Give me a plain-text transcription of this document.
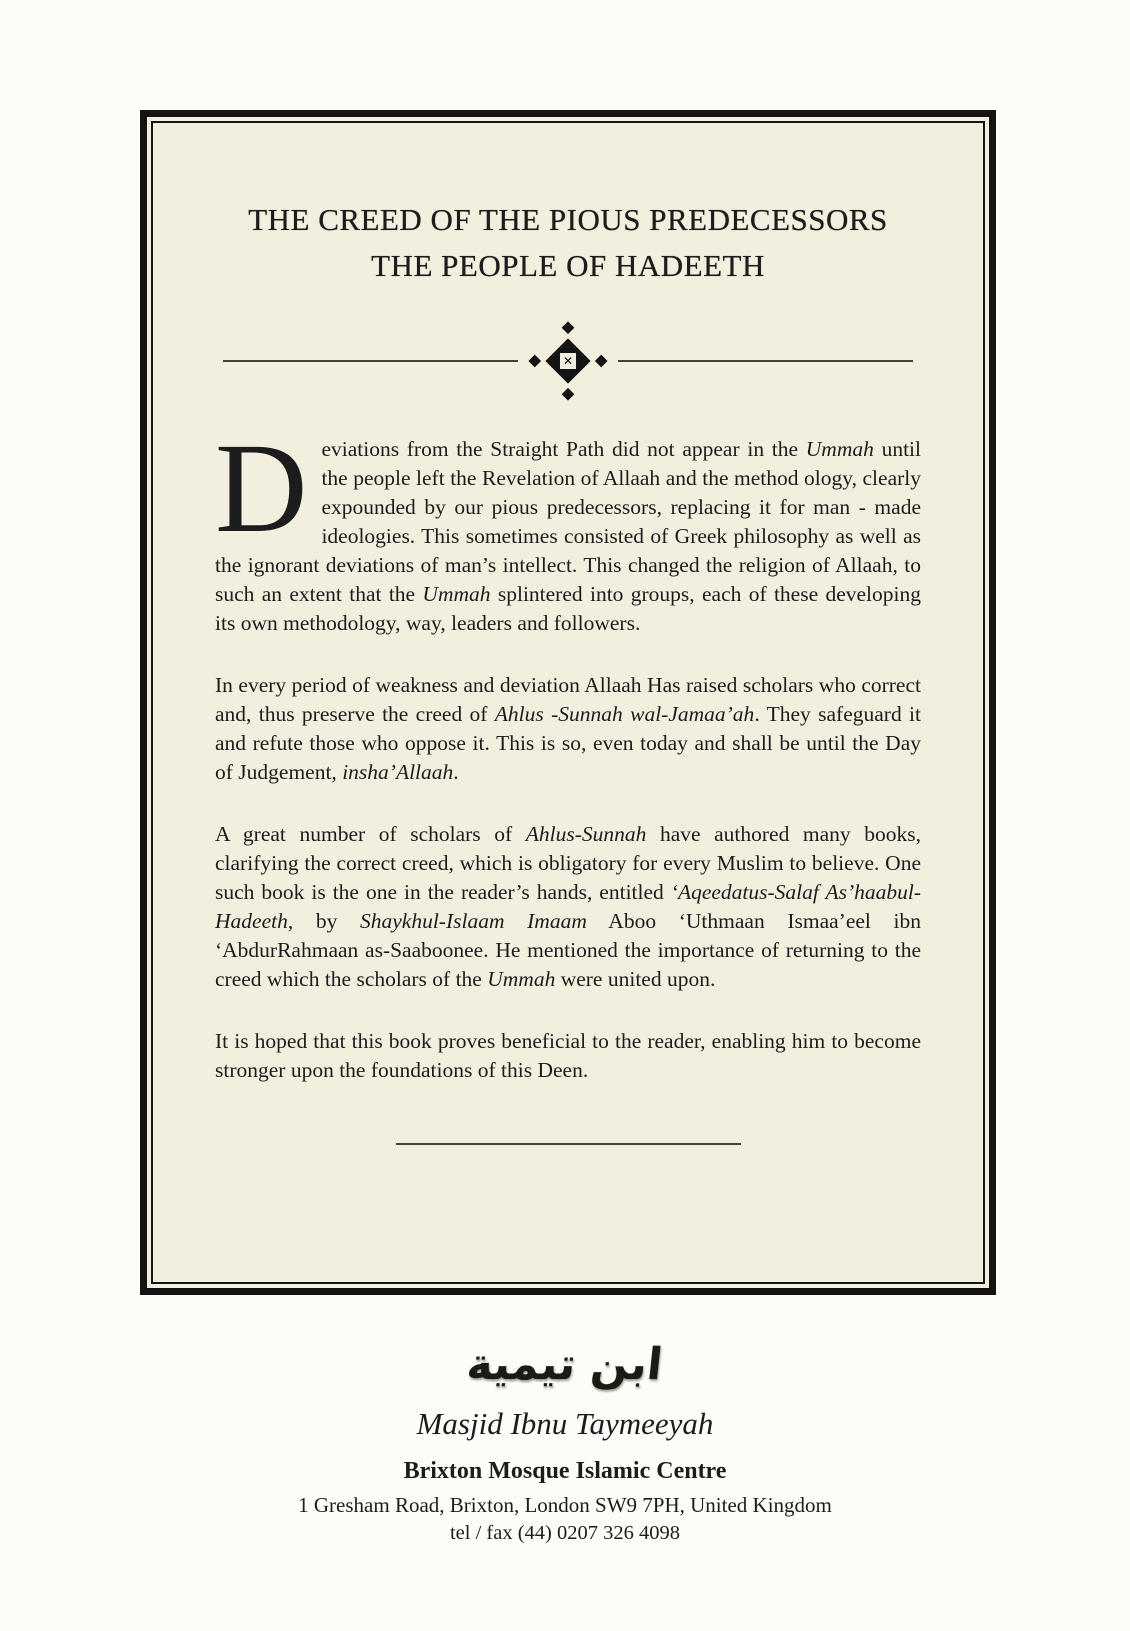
THE CREED OF THE PIOUS PREDECESSORS
THE PEOPLE OF HADEETH
✕

Deviations from the Straight Path did not appear in the Ummah until the people left the Revelation of Allaah and the method ology, clearly expounded by our pious predecessors, replacing it for man - made ideologies. This sometimes consisted of Greek philosophy as well as the ignorant deviations of man’s intellect. This changed the religion of Allaah, to such an extent that the Ummah splintered into groups, each of these developing its own methodology, way, leaders and followers.

In every period of weakness and deviation Allaah Has raised scholars who correct and, thus preserve the creed of Ahlus -Sunnah wal-Jamaa’ah. They safeguard it and refute those who oppose it. This is so, even today and shall be until the Day of Judgement, insha’Allaah.

A great number of scholars of Ahlus-Sunnah have authored many books, clarifying the correct creed, which is obligatory for every Muslim to believe. One such book is the one in the reader’s hands, entitled ‘Aqeedatus-Salaf As’haabul-Hadeeth, by Shaykhul-Islaam Imaam Aboo ‘Uthmaan Ismaa’eel ibn ‘AbdurRahmaan as-Saaboonee. He mentioned the importance of returning to the creed which the scholars of the Ummah were united upon.

It is hoped that this book proves beneficial to the reader, enabling him to become stronger upon the foundations of this Deen.

ابن تيمية
Masjid Ibnu Taymeeyah
Brixton Mosque Islamic Centre
1 Gresham Road, Brixton, London SW9 7PH, United Kingdom
tel / fax (44) 0207 326 4098
